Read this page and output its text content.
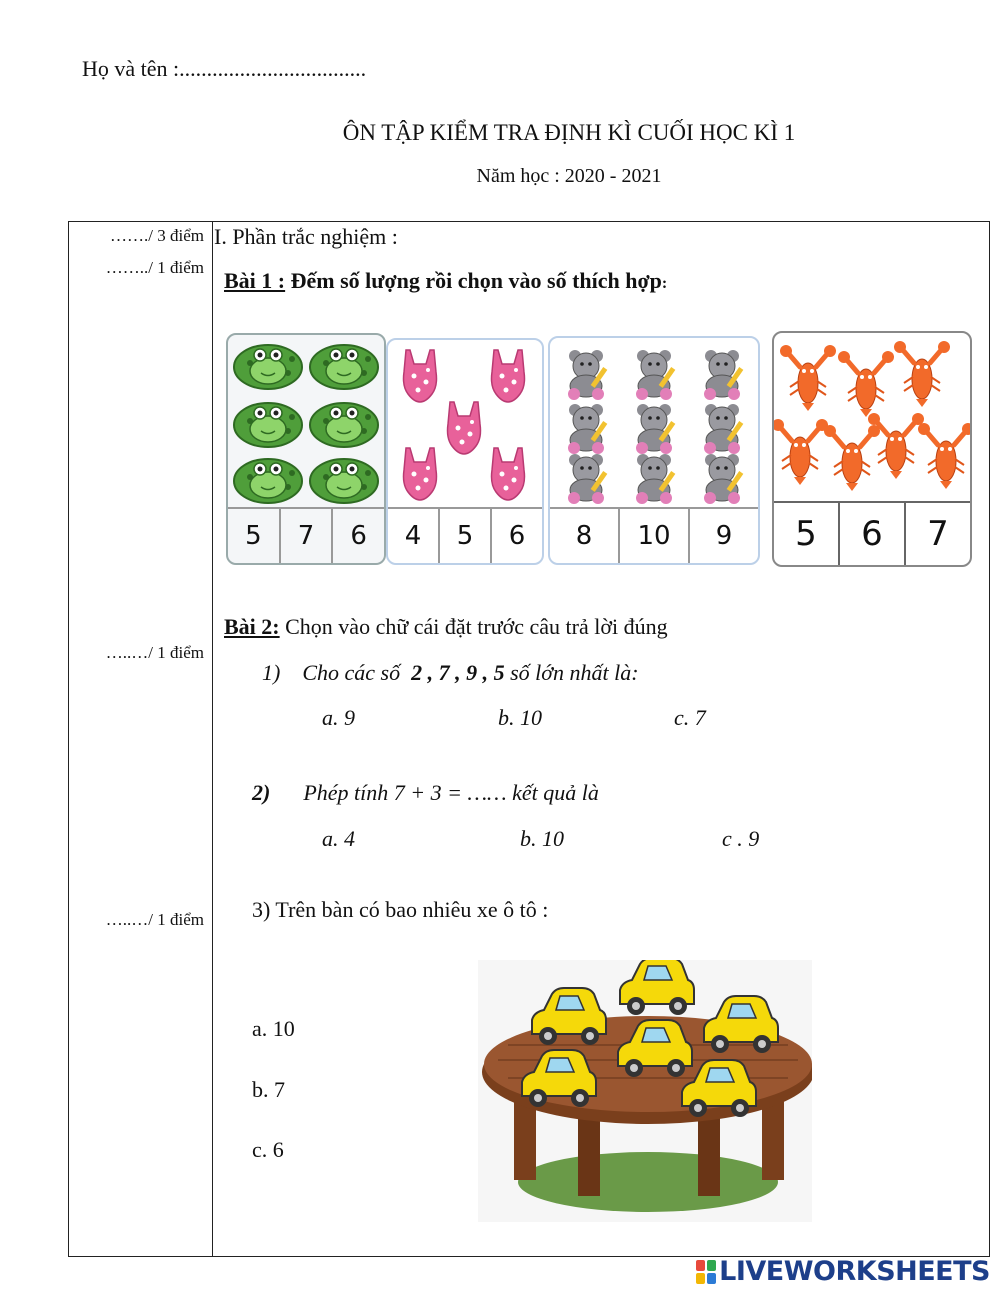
Họ và tên :..................................
ÔN TẬP KIỂM TRA ĐỊNH KÌ CUỐI HỌC KÌ 1
Năm học : 2020 - 2021
……./ 3 điểm
……../ 1 điểm
…..…/ 1 điểm
…..…/ 1 điểm
I. Phần trắc nghiệm :
Bài 1 : Đếm số lượng rồi chọn vào số thích hợp:
5	7	6	4	5	6	8	10	9	5	6	7
Bài 2: Chọn vào chữ cái đặt trước câu trả lời đúng
1) Cho các số  2 , 7 , 9 , 5 số lớn nhất là:
a. 9	b. 10	c. 7
2) Phép tính 7 + 3 = …… kết quả là
a. 4	b. 10	c . 9
3) Trên bàn có bao nhiêu xe ô tô :
a. 10
b. 7
c. 6
LIVEWORKSHEETS
